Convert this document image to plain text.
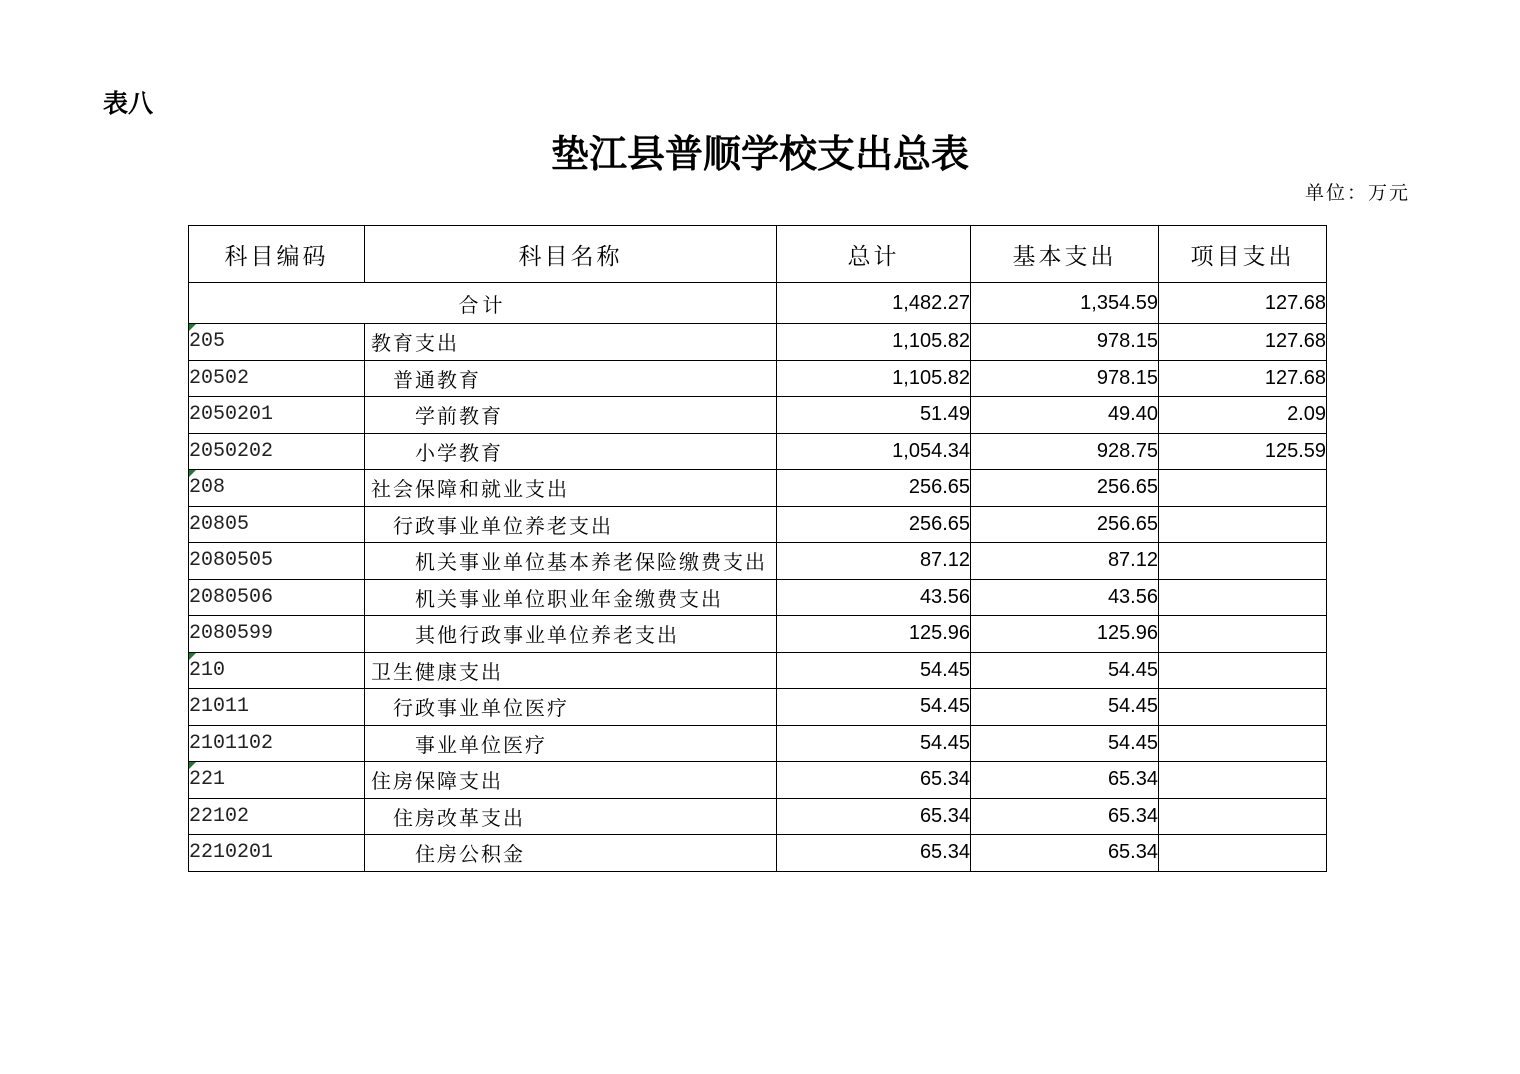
表八
垫江县普顺学校支出总表
单位：万元
科目编码	科目名称	总计	基本支出	项目支出
合计		1,482.27	1,354.59	127.68

205	教育支出	1,105.82	978.15	127.68
20502	普通教育	1,105.82	978.15	127.68
2050201	学前教育	51.49	49.40	2.09
2050202	小学教育	1,054.34	928.75	125.59

208	社会保障和就业支出	256.65	256.65	
20805	行政事业单位养老支出	256.65	256.65	
2080505	机关事业单位基本养老保险缴费支出	87.12	87.12	
2080506	机关事业单位职业年金缴费支出	43.56	43.56	
2080599	其他行政事业单位养老支出	125.96	125.96	

210	卫生健康支出	54.45	54.45	
21011	行政事业单位医疗	54.45	54.45	
2101102	事业单位医疗	54.45	54.45	

221	住房保障支出	65.34	65.34	
22102	住房改革支出	65.34	65.34	
2210201	住房公积金	65.34	65.34	
